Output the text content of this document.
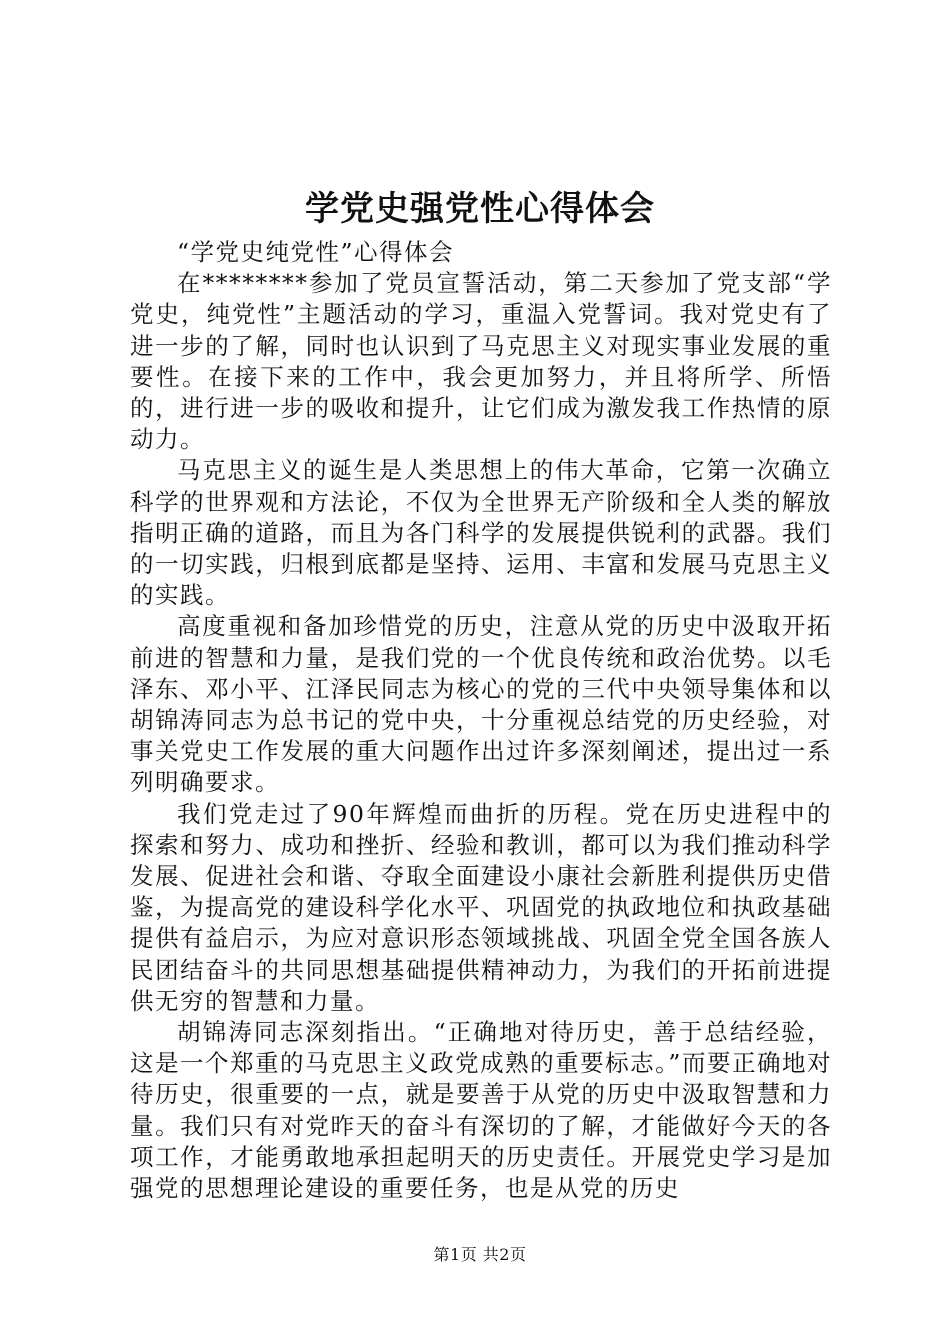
学党史强党性心得体会

“学党史纯党性”心得体会

在********参加了党员宣誓活动，第二天参加了党支部“学党史，纯党性”主题活动的学习，重温入党誓词。我对党史有了进一步的了解，同时也认识到了马克思主义对现实事业发展的重要性。在接下来的工作中，我会更加努力，并且将所学、所悟的，进行进一步的吸收和提升，让它们成为激发我工作热情的原动力。

马克思主义的诞生是人类思想上的伟大革命，它第一次确立科学的世界观和方法论，不仅为全世界无产阶级和全人类的解放指明正确的道路，而且为各门科学的发展提供锐利的武器。我们的一切实践，归根到底都是坚持、运用、丰富和发展马克思主义的实践。

高度重视和备加珍惜党的历史，注意从党的历史中汲取开拓前进的智慧和力量，是我们党的一个优良传统和政治优势。以毛泽东、邓小平、江泽民同志为核心的党的三代中央领导集体和以胡锦涛同志为总书记的党中央，十分重视总结党的历史经验，对事关党史工作发展的重大问题作出过许多深刻阐述，提出过一系列明确要求。

我们党走过了90年辉煌而曲折的历程。党在历史进程中的探索和努力、成功和挫折、经验和教训，都可以为我们推动科学发展、促进社会和谐、夺取全面建设小康社会新胜利提供历史借鉴，为提高党的建设科学化水平、巩固党的执政地位和执政基础提供有益启示，为应对意识形态领域挑战、巩固全党全国各族人民团结奋斗的共同思想基础提供精神动力，为我们的开拓前进提供无穷的智慧和力量。

胡锦涛同志深刻指出。“正确地对待历史，善于总结经验，这是一个郑重的马克思主义政党成熟的重要标志。”而要正确地对待历史，很重要的一点，就是要善于从党的历史中汲取智慧和力量。我们只有对党昨天的奋斗有深切的了解，才能做好今天的各项工作，才能勇敢地承担起明天的历史责任。开展党史学习是加强党的思想理论建设的重要任务，也是从党的历史

第1页 共2页
